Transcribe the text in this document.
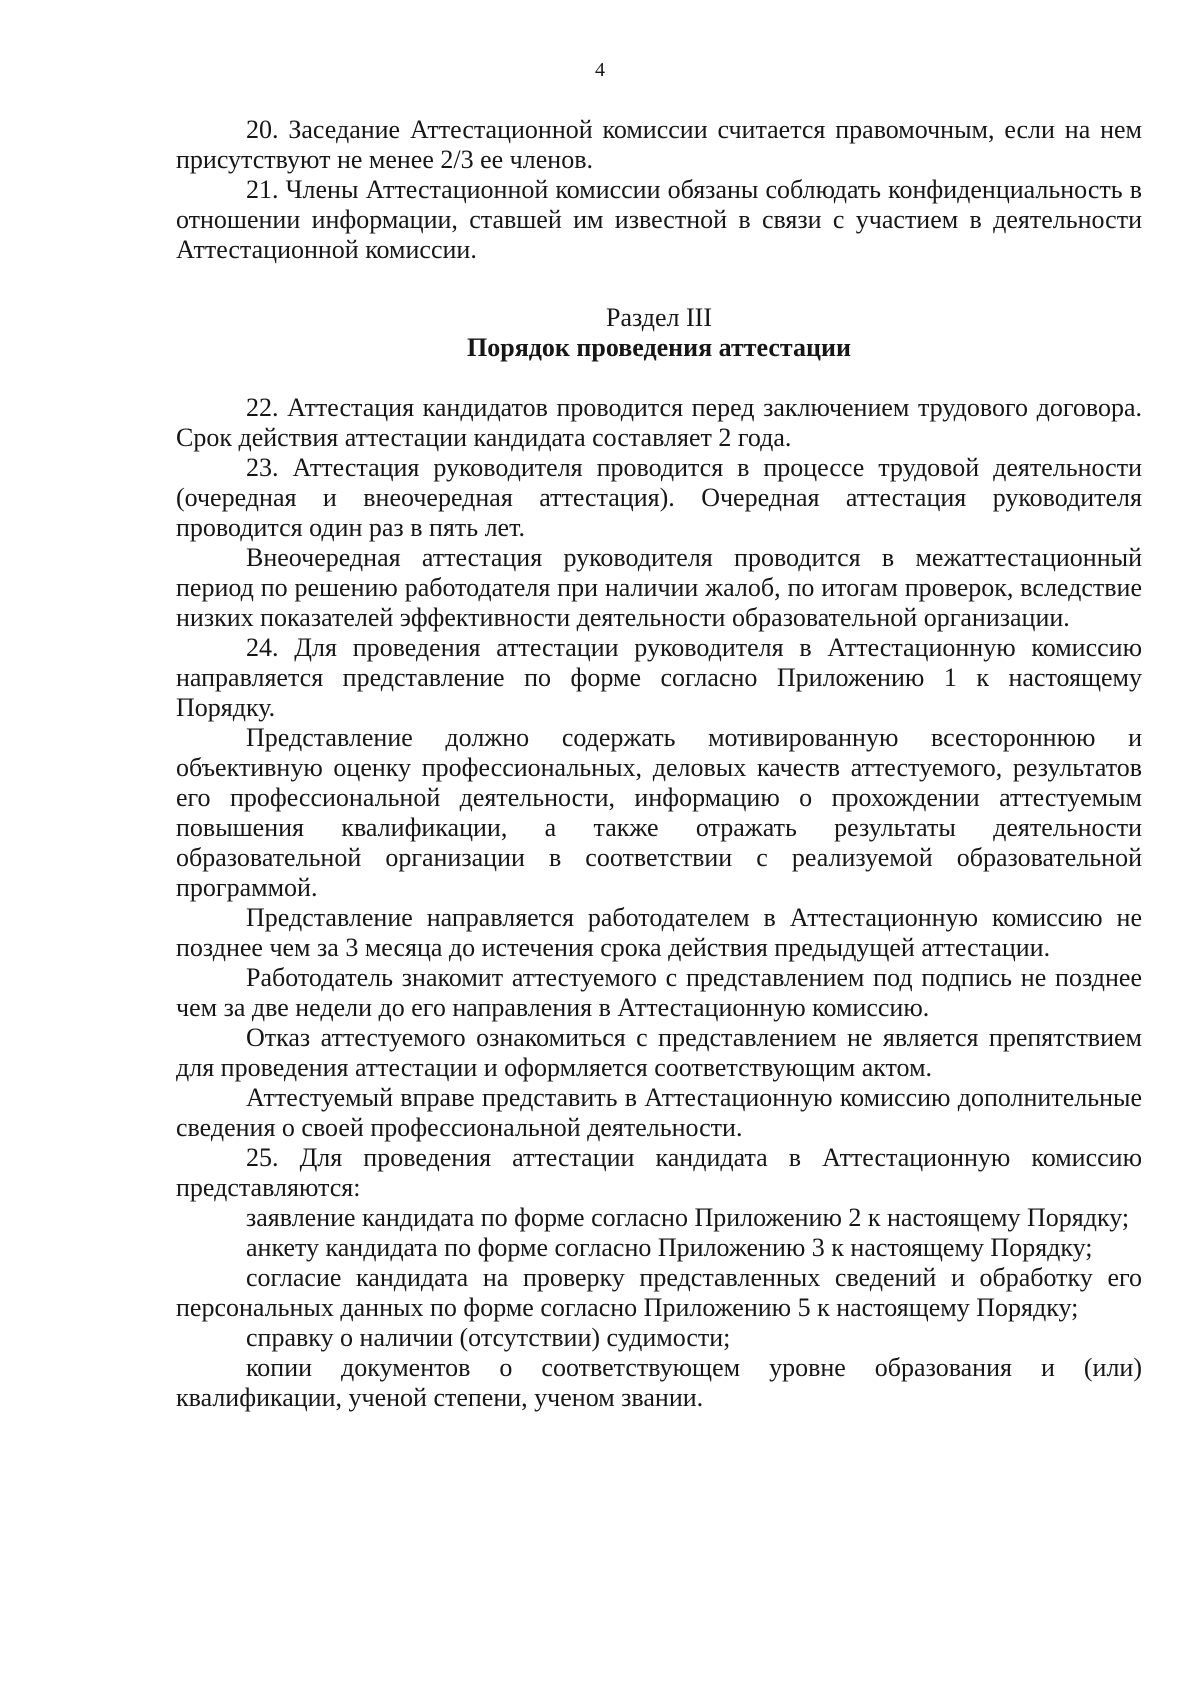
4

20. Заседание Аттестационной комиссии считается правомочным, если на нем присутствуют не менее 2/3 ее членов.

21. Члены Аттестационной комиссии обязаны соблюдать конфиденциальность в отношении информации, ставшей им известной в связи с участием в деятельности Аттестационной комиссии.

Раздел III
Порядок проведения аттестации

22. Аттестация кандидатов проводится перед заключением трудового договора. Срок действия аттестации кандидата составляет 2 года.

23. Аттестация руководителя проводится в процессе трудовой деятельности (очередная и внеочередная аттестация). Очередная аттестация руководителя проводится один раз в пять лет.

Внеочередная аттестация руководителя проводится в межаттестационный период по решению работодателя при наличии жалоб, по итогам проверок, вследствие низких показателей эффективности деятельности образовательной организации.

24. Для проведения аттестации руководителя в Аттестационную комиссию направляется представление по форме согласно Приложению 1 к настоящему Порядку.

Представление должно содержать мотивированную всестороннюю и объективную оценку профессиональных, деловых качеств аттестуемого, результатов его профессиональной деятельности, информацию о прохождении аттестуемым повышения квалификации, а также отражать результаты деятельности образовательной организации в соответствии с реализуемой образовательной программой.

Представление направляется работодателем в Аттестационную комиссию не позднее чем за 3 месяца до истечения срока действия предыдущей аттестации.

Работодатель знакомит аттестуемого с представлением под подпись не позднее чем за две недели до его направления в Аттестационную комиссию.

Отказ аттестуемого ознакомиться с представлением не является препятствием для проведения аттестации и оформляется соответствующим актом.

Аттестуемый вправе представить в Аттестационную комиссию дополнительные сведения о своей профессиональной деятельности.

25. Для проведения аттестации кандидата в Аттестационную комиссию представляются:

заявление кандидата по форме согласно Приложению 2 к настоящему Порядку;

анкету кандидата по форме согласно Приложению 3 к настоящему Порядку;

согласие кандидата на проверку представленных сведений и обработку его персональных данных по форме согласно Приложению 5 к настоящему Порядку;

справку о наличии (отсутствии) судимости;

копии документов о соответствующем уровне образования и (или) квалификации, ученой степени, ученом звании.
